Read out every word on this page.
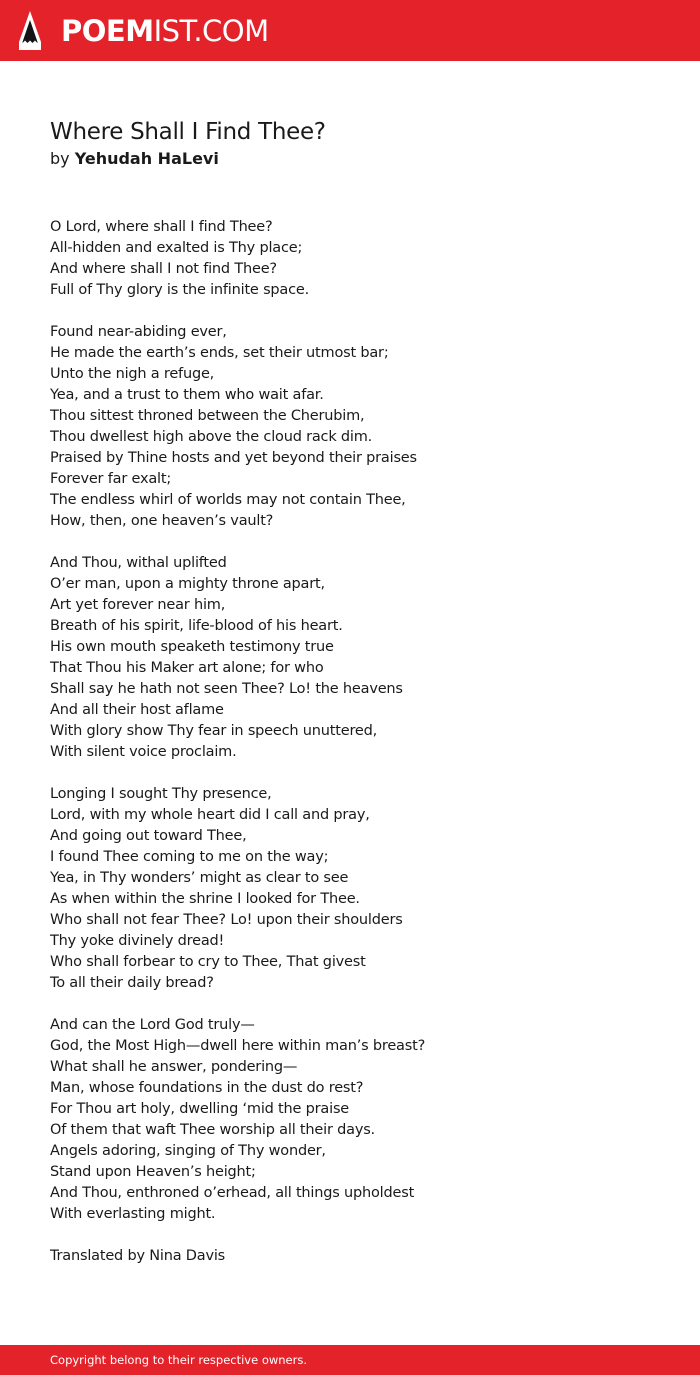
POEMIST.COM
Where Shall I Find Thee?
by Yehudah HaLevi
O Lord, where shall I find Thee?
All-hidden and exalted is Thy place;
And where shall I not find Thee?
Full of Thy glory is the infinite space.
Found near-abiding ever,
He made the earth’s ends, set their utmost bar;
Unto the nigh a refuge,
Yea, and a trust to them who wait afar.
Thou sittest throned between the Cherubim,
Thou dwellest high above the cloud rack dim.
Praised by Thine hosts and yet beyond their praises
Forever far exalt;
The endless whirl of worlds may not contain Thee,
How, then, one heaven’s vault?
And Thou, withal uplifted
O’er man, upon a mighty throne apart,
Art yet forever near him,
Breath of his spirit, life-blood of his heart.
His own mouth speaketh testimony true
That Thou his Maker art alone; for who
Shall say he hath not seen Thee? Lo! the heavens
And all their host aflame
With glory show Thy fear in speech unuttered,
With silent voice proclaim.
Longing I sought Thy presence,
Lord, with my whole heart did I call and pray,
And going out toward Thee,
I found Thee coming to me on the way;
Yea, in Thy wonders’ might as clear to see
As when within the shrine I looked for Thee.
Who shall not fear Thee? Lo! upon their shoulders
Thy yoke divinely dread!
Who shall forbear to cry to Thee, That givest
To all their daily bread?
And can the Lord God truly—
God, the Most High—dwell here within man’s breast?
What shall he answer, pondering—
Man, whose foundations in the dust do rest?
For Thou art holy, dwelling ‘mid the praise
Of them that waft Thee worship all their days.
Angels adoring, singing of Thy wonder,
Stand upon Heaven’s height;
And Thou, enthroned o’erhead, all things upholdest
With everlasting might.
Translated by Nina Davis
Copyright belong to their respective owners.
